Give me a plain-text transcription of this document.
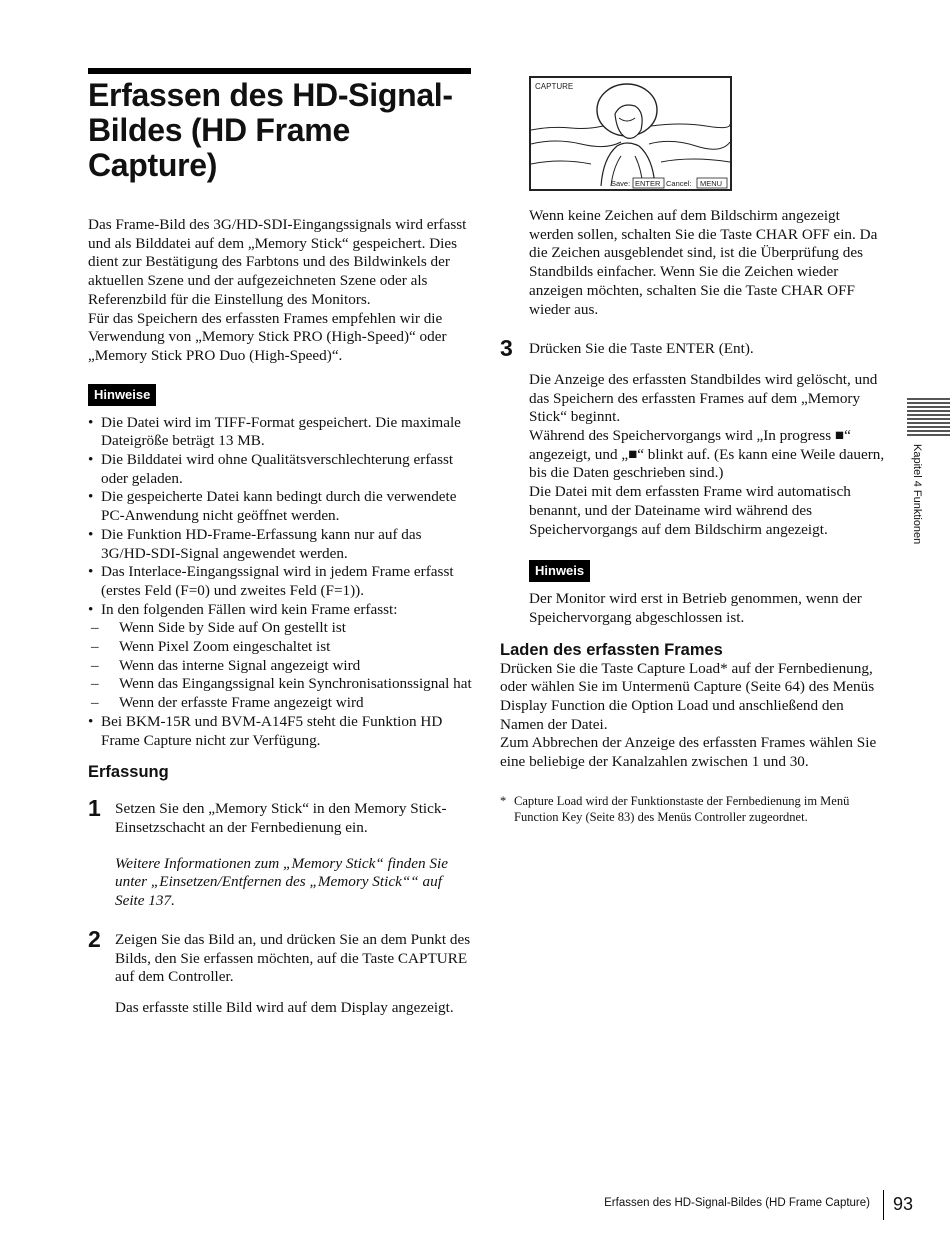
Erfassen des HD-Signal-Bildes (HD Frame Capture)

Das Frame-Bild des 3G/HD-SDI-Eingangssignals wird erfasst und als Bilddatei auf dem „Memory Stick“ gespeichert. Dies dient zur Bestätigung des Farbtons und des Bildwinkels der aktuellen Szene und der aufgezeichneten Szene oder als Referenzbild für die Einstellung des Monitors.

Für das Speichern des erfassten Frames empfehlen wir die Verwendung von „Memory Stick PRO (High-Speed)“ oder „Memory Stick PRO Duo (High-Speed)“.

Hinweise
• Die Datei wird im TIFF-Format gespeichert. Die maximale Dateigröße beträgt 13 MB.
• Die Bilddatei wird ohne Qualitätsverschlechterung erfasst oder geladen.
• Die gespeicherte Datei kann bedingt durch die verwendete PC-Anwendung nicht geöffnet werden.
• Die Funktion HD-Frame-Erfassung kann nur auf das 3G/HD-SDI-Signal angewendet werden.
• Das Interlace-Eingangssignal wird in jedem Frame erfasst (erstes Feld (F=0) und zweites Feld (F=1)).
• In den folgenden Fällen wird kein Frame erfasst:
– Wenn Side by Side auf On gestellt ist
– Wenn Pixel Zoom eingeschaltet ist
– Wenn das interne Signal angezeigt wird
– Wenn das Eingangssignal kein Synchronisationssignal hat
– Wenn der erfasste Frame angezeigt wird
• Bei BKM-15R und BVM-A14F5 steht die Funktion HD Frame Capture nicht zur Verfügung.
Erfassung
1 Setzen Sie den „Memory Stick“ in den Memory Stick-Einsetzschacht an der Fernbedienung ein.

Weitere Informationen zum „Memory Stick“ finden Sie unter „Einsetzen/Entfernen des „Memory Stick““ auf Seite 137.

2 Zeigen Sie das Bild an, und drücken Sie an dem Punkt des Bilds, den Sie erfassen möchten, auf die Taste CAPTURE auf dem Controller.

Das erfasste stille Bild wird auf dem Display angezeigt.

CAPTURE
Save: ENTER Cancel: MENU

Wenn keine Zeichen auf dem Bildschirm angezeigt werden sollen, schalten Sie die Taste CHAR OFF ein. Da die Zeichen ausgeblendet sind, ist die Überprüfung des Standbilds einfacher. Wenn Sie die Zeichen wieder anzeigen möchten, schalten Sie die Taste CHAR OFF wieder aus.

3 Drücken Sie die Taste ENTER (Ent).

Die Anzeige des erfassten Standbildes wird gelöscht, und das Speichern des erfassten Frames auf dem „Memory Stick“ beginnt.

Während des Speichervorgangs wird „In progress ■“ angezeigt, und „■“ blinkt auf. (Es kann eine Weile dauern, bis die Daten geschrieben sind.)

Die Datei mit dem erfassten Frame wird automatisch benannt, und der Dateiname wird während des Speichervorgangs auf dem Bildschirm angezeigt.

Hinweis

Der Monitor wird erst in Betrieb genommen, wenn der Speichervorgang abgeschlossen ist.

Laden des erfassten Frames

Drücken Sie die Taste Capture Load* auf der Fernbedienung, oder wählen Sie im Untermenü Capture (Seite 64) des Menüs Display Function die Option Load und anschließend den Namen der Datei.

Zum Abbrechen der Anzeige des erfassten Frames wählen Sie eine beliebige der Kanalzahlen zwischen 1 und 30.

* Capture Load wird der Funktionstaste der Fernbedienung im Menü Function Key (Seite 83) des Menüs Controller zugeordnet.
Kapitel 4 Funktionen
Erfassen des HD-Signal-Bildes (HD Frame Capture) 93
